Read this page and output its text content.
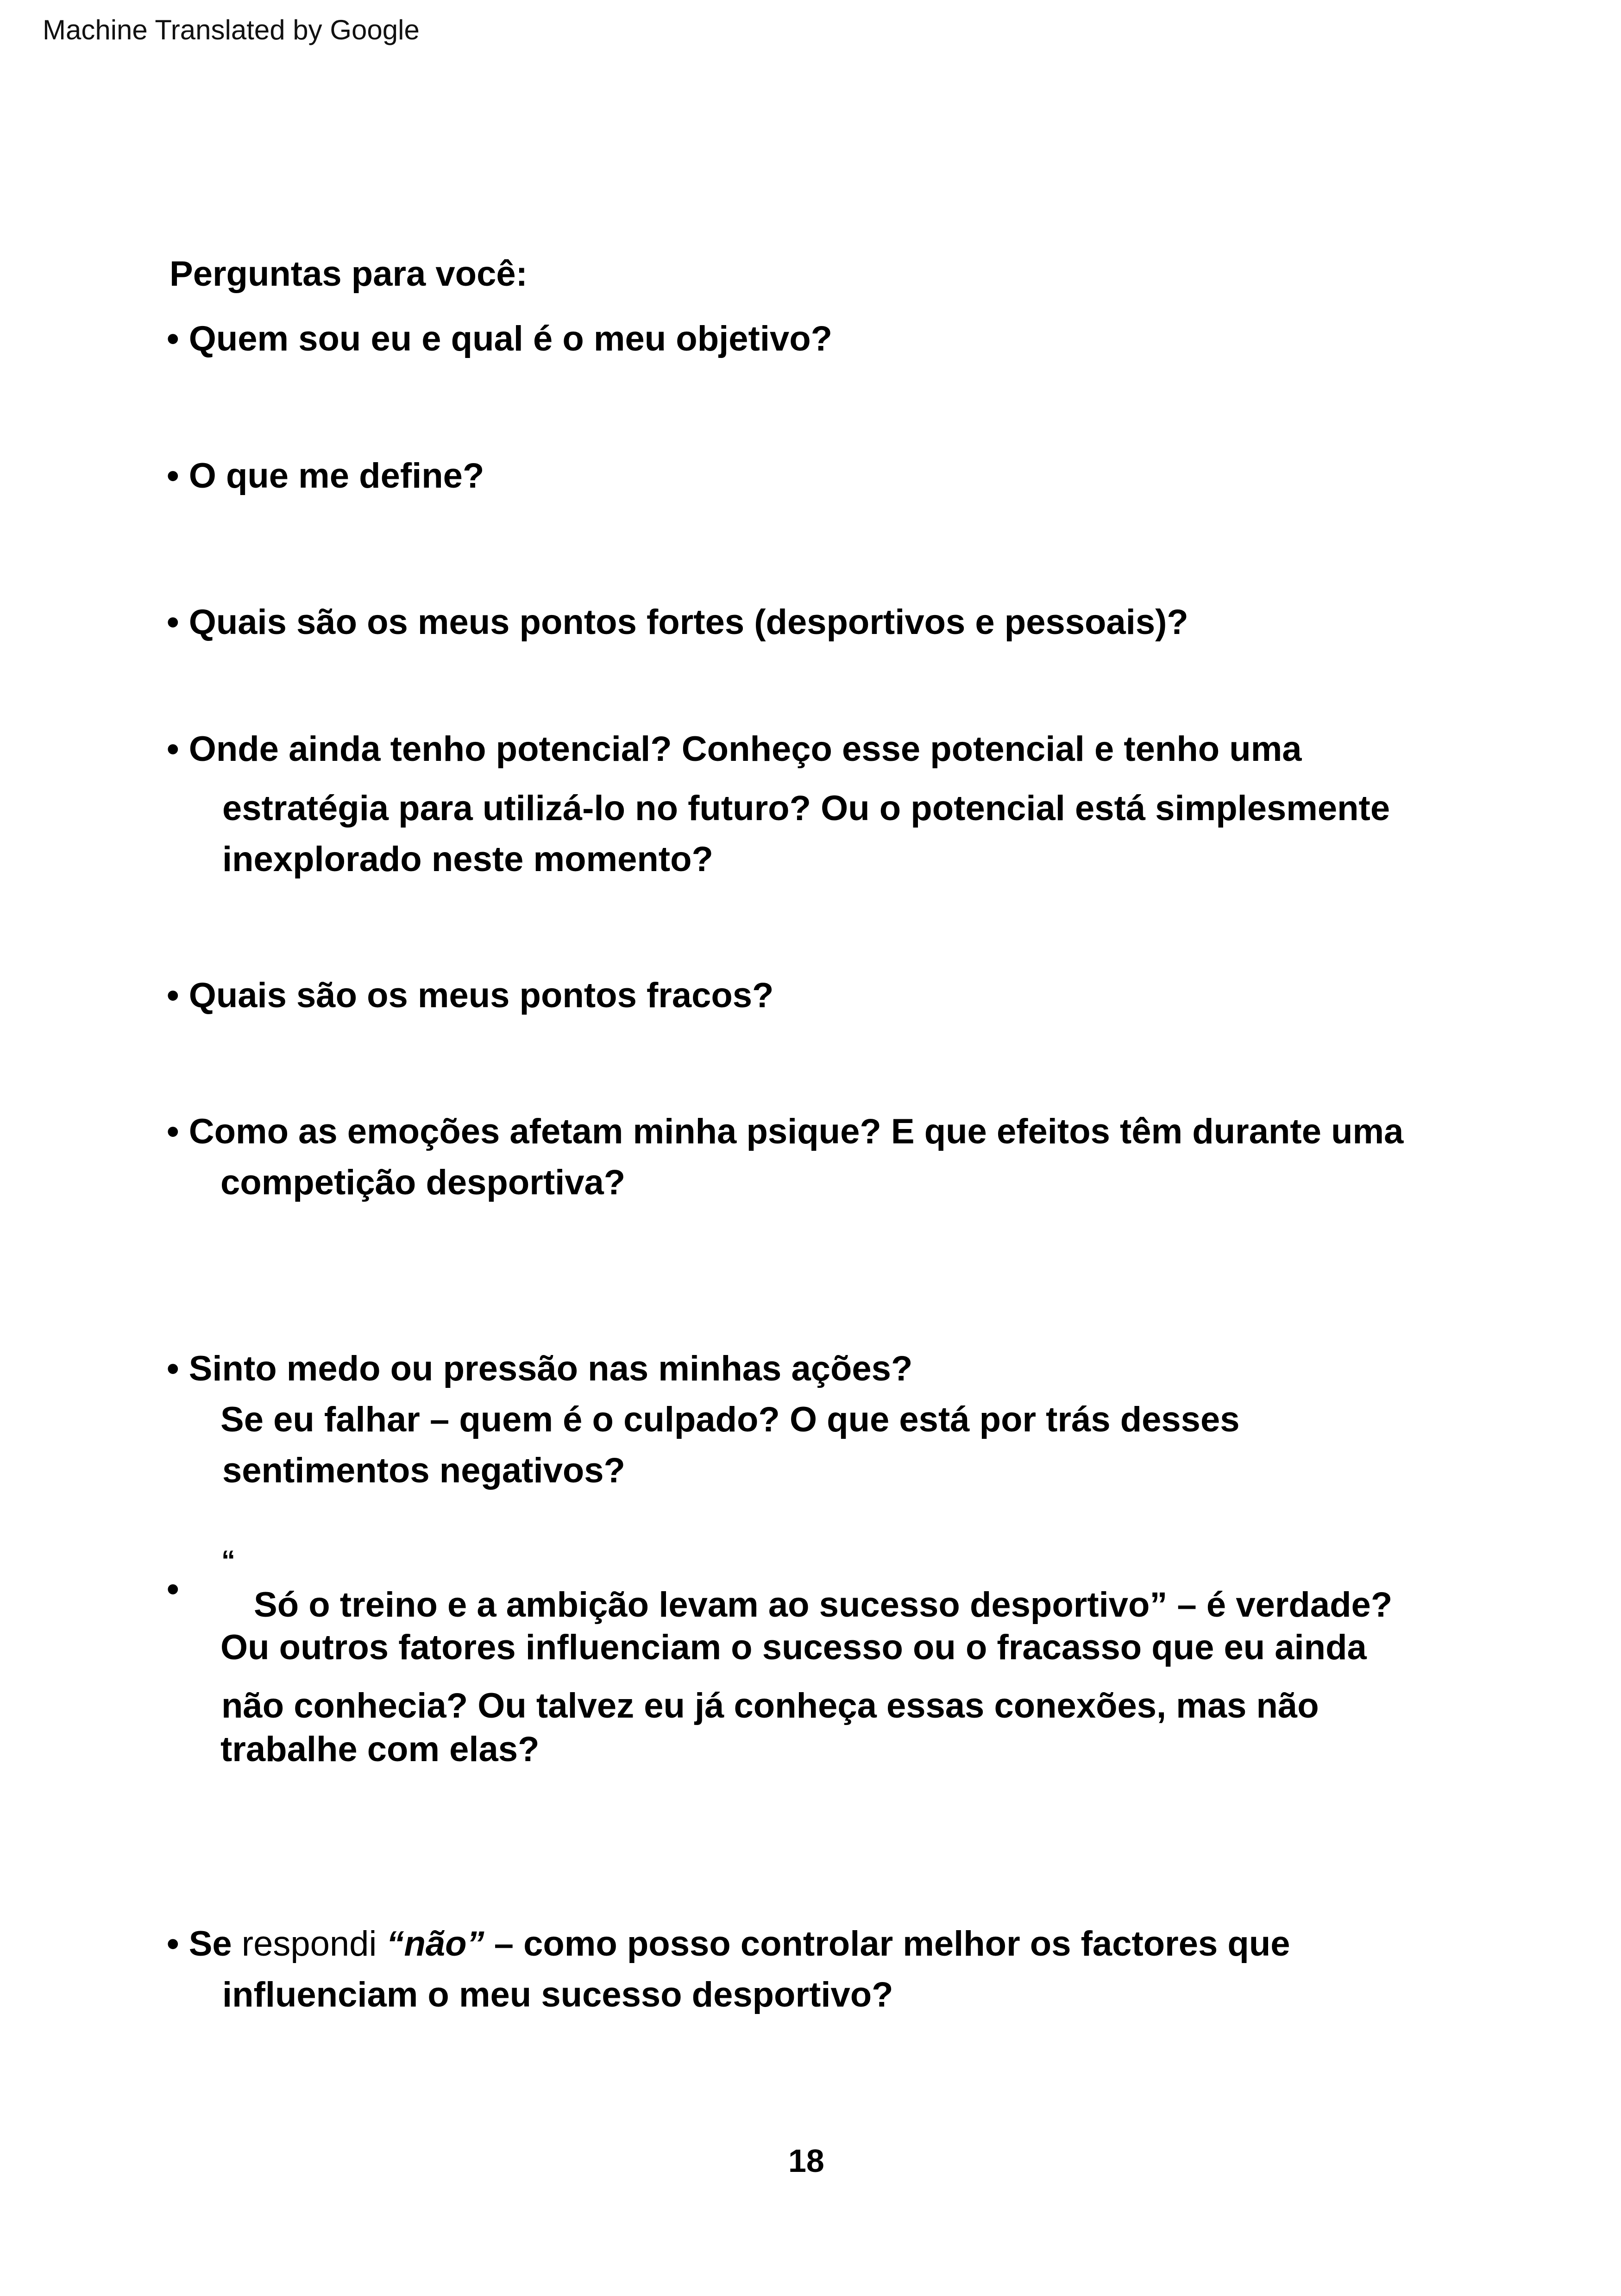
Machine Translated by Google
Perguntas para você:
• Quem sou eu e qual é o meu objetivo?
• O que me define?
• Quais são os meus pontos fortes (desportivos e pessoais)?
• Onde ainda tenho potencial? Conheço esse potencial e tenho uma
estratégia para utilizá-lo no futuro? Ou o potencial está simplesmente
inexplorado neste momento?
• Quais são os meus pontos fracos?
• Como as emoções afetam minha psique? E que efeitos têm durante uma
competição desportiva?
• Sinto medo ou pressão nas minhas ações?
Se eu falhar – quem é o culpado? O que está por trás desses
sentimentos negativos?
•
“
Só o treino e a ambição levam ao sucesso desportivo” – é verdade?
Ou outros fatores influenciam o sucesso ou o fracasso que eu ainda
não conhecia? Ou talvez eu já conheça essas conexões, mas não
trabalhe com elas?
• Se respondi “não” – como posso controlar melhor os factores que
influenciam o meu sucesso desportivo?
18
